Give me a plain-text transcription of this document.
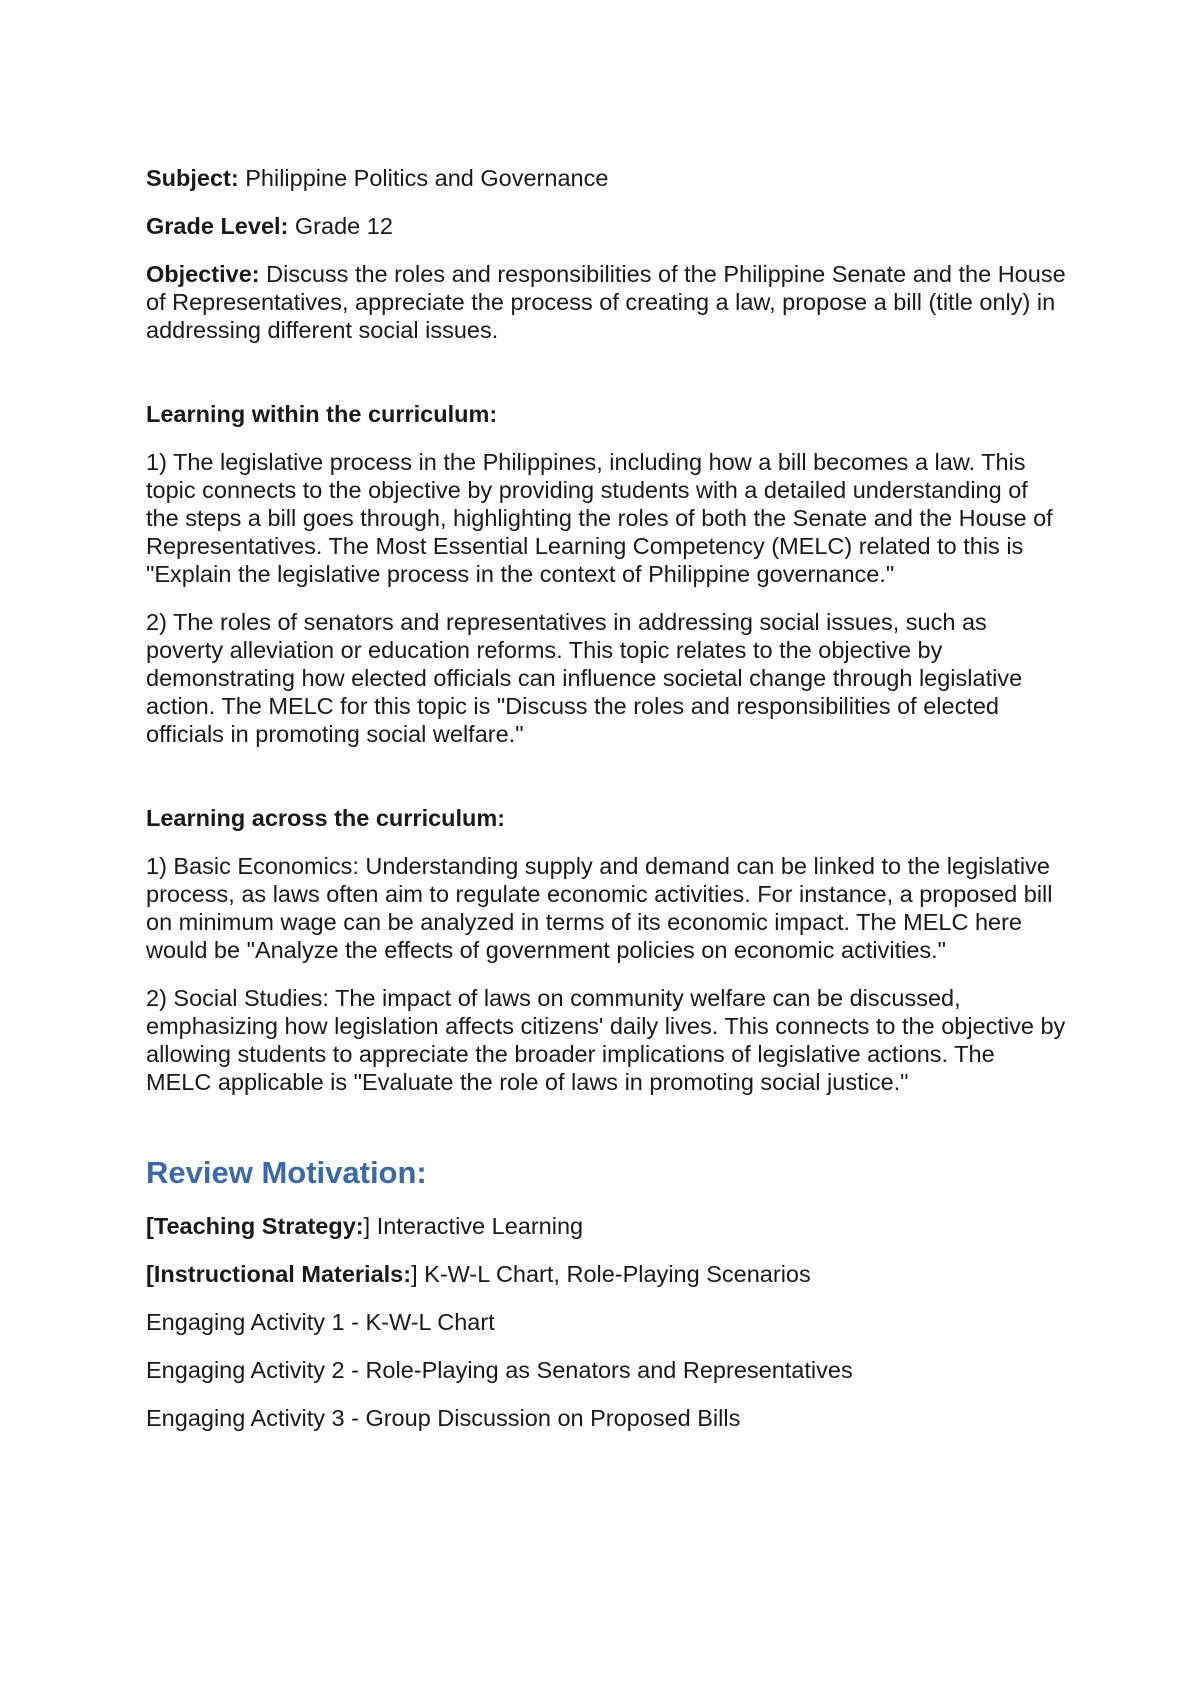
Subject: Philippine Politics and Governance

Grade Level: Grade 12

Objective: Discuss the roles and responsibilities of the Philippine Senate and the House of Representatives, appreciate the process of creating a law, propose a bill (title only) in addressing different social issues.

Learning within the curriculum:

1) The legislative process in the Philippines, including how a bill becomes a law. This topic connects to the objective by providing students with a detailed understanding of the steps a bill goes through, highlighting the roles of both the Senate and the House of Representatives. The Most Essential Learning Competency (MELC) related to this is "Explain the legislative process in the context of Philippine governance."

2) The roles of senators and representatives in addressing social issues, such as poverty alleviation or education reforms. This topic relates to the objective by demonstrating how elected officials can influence societal change through legislative action. The MELC for this topic is "Discuss the roles and responsibilities of elected officials in promoting social welfare."

Learning across the curriculum:

1) Basic Economics: Understanding supply and demand can be linked to the legislative process, as laws often aim to regulate economic activities. For instance, a proposed bill on minimum wage can be analyzed in terms of its economic impact. The MELC here would be "Analyze the effects of government policies on economic activities."

2) Social Studies: The impact of laws on community welfare can be discussed, emphasizing how legislation affects citizens' daily lives. This connects to the objective by allowing students to appreciate the broader implications of legislative actions. The MELC applicable is "Evaluate the role of laws in promoting social justice."

Review Motivation:

[Teaching Strategy:] Interactive Learning

[Instructional Materials:] K-W-L Chart, Role-Playing Scenarios

Engaging Activity 1 - K-W-L Chart

Engaging Activity 2 - Role-Playing as Senators and Representatives

Engaging Activity 3 - Group Discussion on Proposed Bills
